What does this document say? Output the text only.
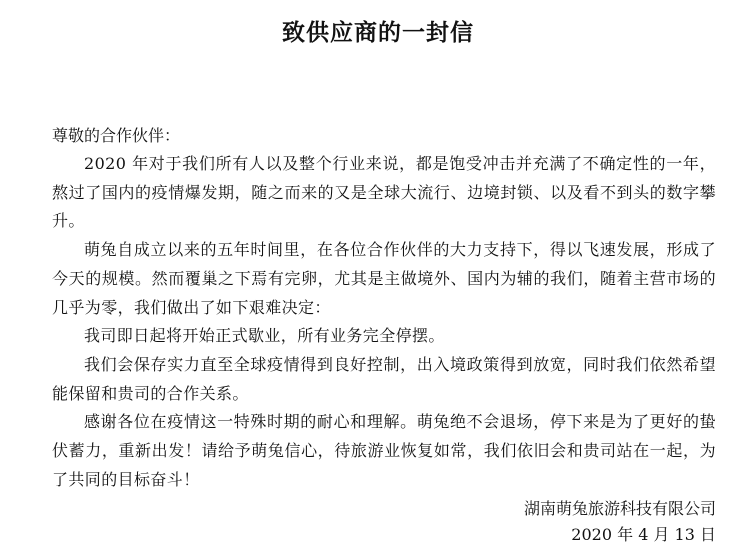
致供应商的一封信

尊敬的合作伙伴：

2020 年对于我们所有人以及整个行业来说，都是饱受冲击并充满了不确定性的一年，熬过了国内的疫情爆发期，随之而来的又是全球大流行、边境封锁、以及看不到头的数字攀升。

萌兔自成立以来的五年时间里，在各位合作伙伴的大力支持下，得以飞速发展，形成了今天的规模。然而覆巢之下焉有完卵，尤其是主做境外、国内为辅的我们，随着主营市场的几乎为零，我们做出了如下艰难决定：

我司即日起将开始正式歇业，所有业务完全停摆。

我们会保存实力直至全球疫情得到良好控制，出入境政策得到放宽，同时我们依然希望能保留和贵司的合作关系。

感谢各位在疫情这一特殊时期的耐心和理解。萌兔绝不会退场，停下来是为了更好的蛰伏蓄力，重新出发！请给予萌兔信心，待旅游业恢复如常，我们依旧会和贵司站在一起，为了共同的目标奋斗！

湖南萌兔旅游科技有限公司
2020 年 4 月 13 日
